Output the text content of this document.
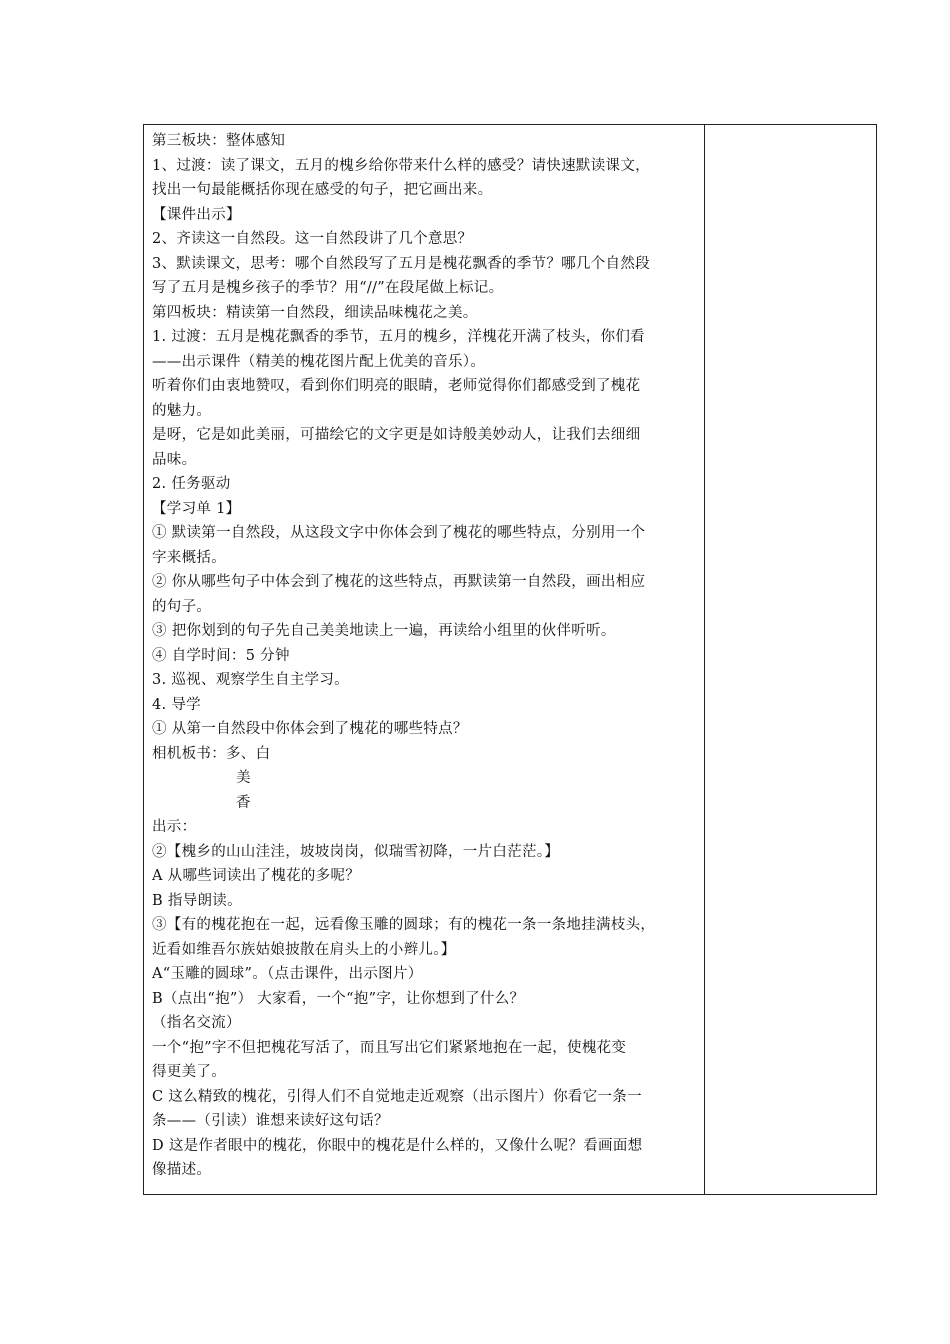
第三板块：整体感知
1、过渡：读了课文，五月的槐乡给你带来什么样的感受？请快速默读课文，
找出一句最能概括你现在感受的句子，把它画出来。
【课件出示】
2、齐读这一自然段。这一自然段讲了几个意思？
3、默读课文，思考：哪个自然段写了五月是槐花飘香的季节？哪几个自然段
写了五月是槐乡孩子的季节？用“//”在段尾做上标记。
第四板块：精读第一自然段，细读品味槐花之美。
1. 过渡：五月是槐花飘香的季节，五月的槐乡，洋槐花开满了枝头，你们看
——出示课件（精美的槐花图片配上优美的音乐）。
听着你们由衷地赞叹，看到你们明亮的眼睛，老师觉得你们都感受到了槐花
的魅力。
是呀，它是如此美丽，可描绘它的文字更是如诗般美妙动人，让我们去细细
品味。
2. 任务驱动
【学习单 1】
① 默读第一自然段，从这段文字中你体会到了槐花的哪些特点，分别用一个
字来概括。
② 你从哪些句子中体会到了槐花的这些特点，再默读第一自然段，画出相应
的句子。
③ 把你划到的句子先自己美美地读上一遍，再读给小组里的伙伴听听。
④ 自学时间：5 分钟
3. 巡视、观察学生自主学习。
4. 导学
① 从第一自然段中你体会到了槐花的哪些特点？
相机板书：多、白
美
香
出示：
②【槐乡的山山洼洼，坡坡岗岗，似瑞雪初降，一片白茫茫。】
A 从哪些词读出了槐花的多呢？
B 指导朗读。
③【有的槐花抱在一起，远看像玉雕的圆球；有的槐花一条一条地挂满枝头，
近看如维吾尔族姑娘披散在肩头上的小辫儿。】
A“玉雕的圆球”。（点击课件，出示图片）
B（点出“抱”） 大家看，一个“抱”字，让你想到了什么？
（指名交流）
一个“抱”字不但把槐花写活了，而且写出它们紧紧地抱在一起，使槐花变
得更美了。
C 这么精致的槐花，引得人们不自觉地走近观察（出示图片）你看它一条一
条——（引读）谁想来读好这句话？
D 这是作者眼中的槐花，你眼中的槐花是什么样的，又像什么呢？看画面想
像描述。
